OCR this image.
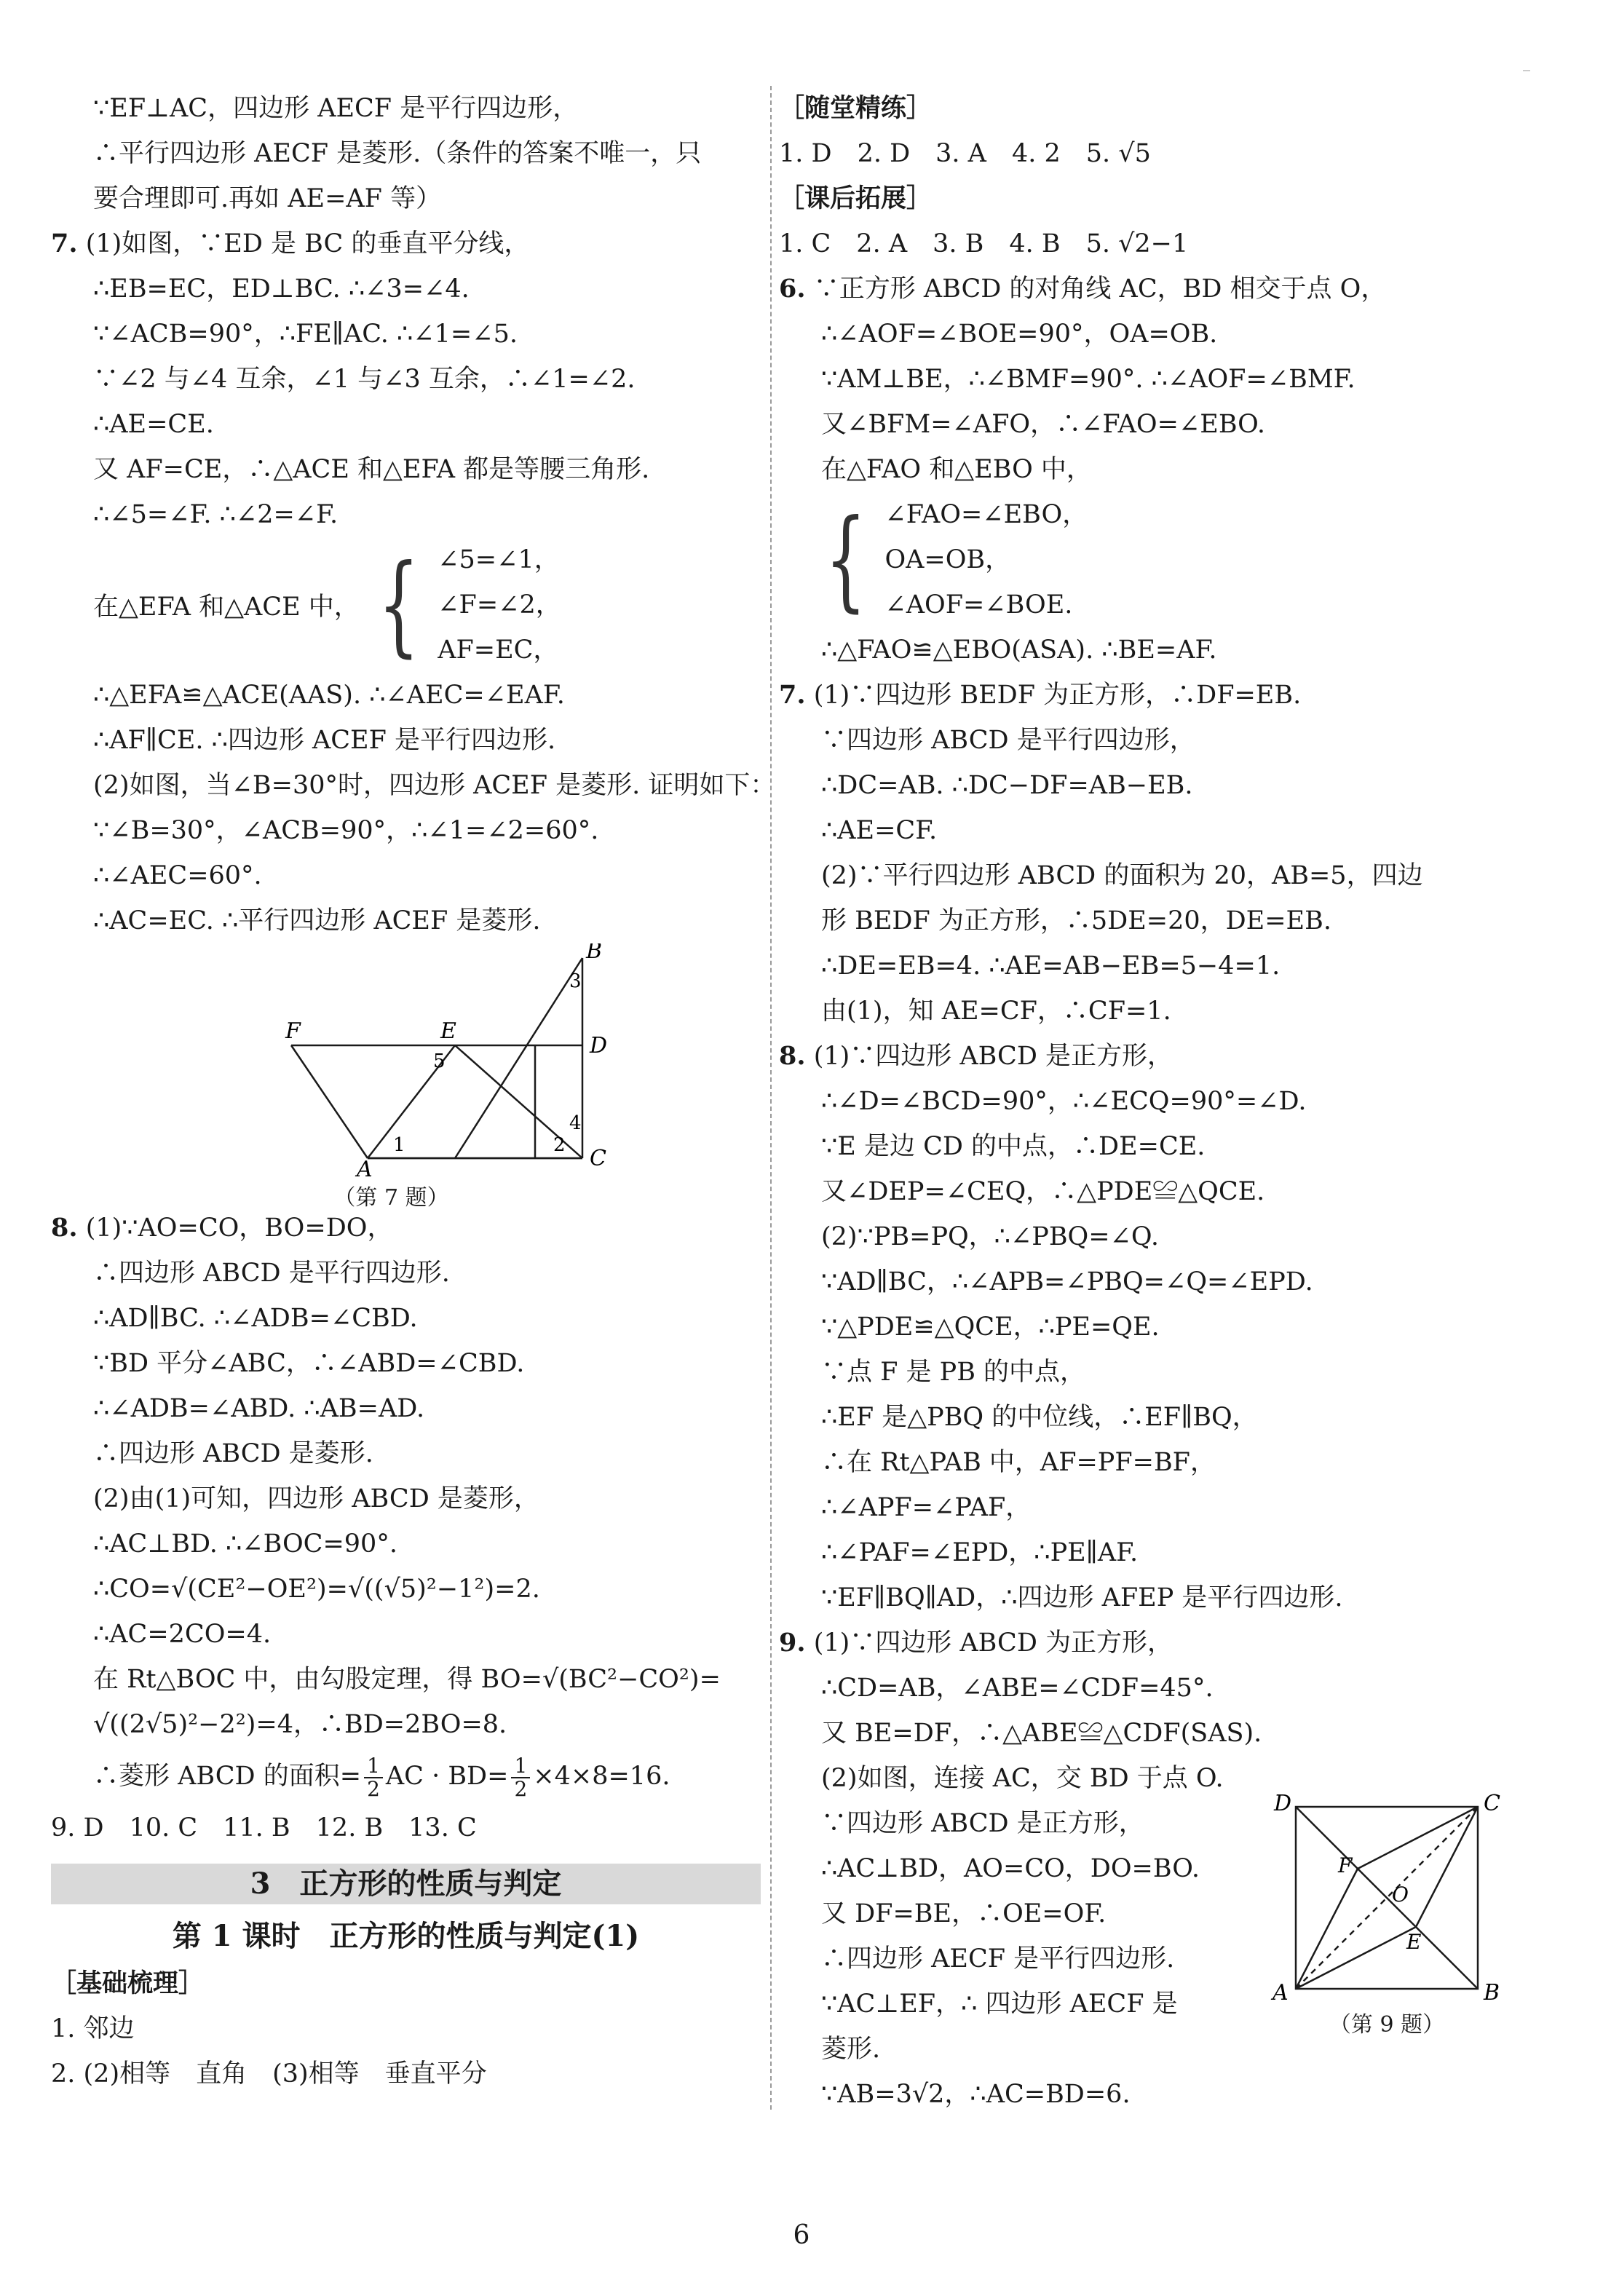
∵EF⊥AC，四边形 AECF 是平行四边形，
∴平行四边形 AECF 是菱形.（条件的答案不唯一，只
要合理即可.再如 AE=AF 等）
7. (1)如图，∵ED 是 BC 的垂直平分线，
∴EB=EC，ED⊥BC. ∴∠3=∠4.
∵∠ACB=90°，∴FE∥AC. ∴∠1=∠5.
∵∠2 与∠4 互余，∠1 与∠3 互余，∴∠1=∠2.
∴AE=CE.
又 AF=CE，∴△ACE 和△EFA 都是等腰三角形.
∴∠5=∠F. ∴∠2=∠F.
在△EFA 和△ACE 中， { ∠5=∠1，
∠F=∠2，
AF=EC，
∴△EFA≌△ACE(AAS). ∴∠AEC=∠EAF.
∴AF∥CE. ∴四边形 ACEF 是平行四边形.
(2)如图，当∠B=30°时，四边形 ACEF 是菱形. 证明如下：
∵∠B=30°，∠ACB=90°，∴∠1=∠2=60°.
∴∠AEC=60°.
∴AC=EC. ∴平行四边形 ACEF 是菱形.
B
D
C
A
E
F
1	2
3
4
5
（第 7 题）
8. (1)∵AO=CO，BO=DO，
∴四边形 ABCD 是平行四边形.
∴AD∥BC. ∴∠ADB=∠CBD.
∵BD 平分∠ABC，∴∠ABD=∠CBD.
∴∠ADB=∠ABD. ∴AB=AD.
∴四边形 ABCD 是菱形.
(2)由(1)可知，四边形 ABCD 是菱形，
∴AC⊥BD. ∴∠BOC=90°.
∴CO=√(CE²−OE²)=√((√5)²−1²)=2.
∴AC=2CO=4.
在 Rt△BOC 中，由勾股定理，得 BO=√(BC²−CO²)=
√((2√5)²−2²)=4，∴BD=2BO=8.
∴菱形 ABCD 的面积= $\frac{1}{2}$ AC · $BD= \frac{1}{2} \times 4\times 8=16$.
9. D　10. C　11. B　12. B　13. C
3　正方形的性质与判定
第 1 课时　正方形的性质与判定(1)
［基础梳理］
1. 邻边
2. (2)相等　直角　(3)相等　垂直平分
［随堂精练］
1. D　2. D　3. A　4. 2　5. √5
［课后拓展］
1. C　2. A　3. B　4. B　5. √2−1
6. ∵正方形 ABCD 的对角线 AC，BD 相交于点 O，
∴∠AOF=∠BOE=90°，OA=OB.
∵AM⊥BE，∴∠BMF=90°. ∴∠AOF=∠BMF.
又∠BFM=∠AFO，∴∠FAO=∠EBO.
在△FAO 和△EBO 中，
{ ∠FAO=∠EBO，
OA=OB，
∠AOF=∠BOE.
∴△FAO≌△EBO(ASA). ∴BE=AF.
7. (1)∵四边形 BEDF 为正方形，∴DF=EB.
∵四边形 ABCD 是平行四边形，
∴DC=AB. ∴DC−DF=AB−EB.
∴AE=CF.
(2)∵平行四边形 ABCD 的面积为 20，AB=5，四边
形 BEDF 为正方形，∴5DE=20，DE=EB.
∴DE=EB=4. ∴AE=AB−EB=5−4=1.
由(1)，知 AE=CF，∴CF=1.
8. (1)∵四边形 ABCD 是正方形，
∴∠D=∠BCD=90°，∴∠ECQ=90°=∠D.
∵E 是边 CD 的中点，∴DE=CE.
又∠DEP=∠CEQ，∴△PDE≌△QCE.
(2)∵PB=PQ，∴∠PBQ=∠Q.
∵AD∥BC，∴∠APB=∠PBQ=∠Q=∠EPD.
∵△PDE≌△QCE，∴PE=QE.
∵点 F 是 PB 的中点，
∴EF 是△PBQ 的中位线，∴EF∥BQ，
∴在 Rt△PAB 中，AF=PF=BF，
∴∠APF=∠PAF，
∴∠PAF=∠EPD，∴PE∥AF.
∵EF∥BQ∥AD，∴四边形 AFEP 是平行四边形.
9. (1)∵四边形 ABCD 为正方形，
∴CD=AB，∠ABE=∠CDF=45°.
又 BE=DF，∴△ABE≌△CDF(SAS).
(2)如图，连接 AC，交 BD 于点 O.
∵四边形 ABCD 是正方形，
∴AC⊥BD，AO=CO，DO=BO.
又 DF=BE，∴OE=OF.
∴四边形 AECF 是平行四边形.
∵AC⊥EF，∴ 四边形 AECF 是
菱形.
∵AB=3√2，∴AC=BD=6.
D	C
A	B
F
E
O
（第 9 题）
6
